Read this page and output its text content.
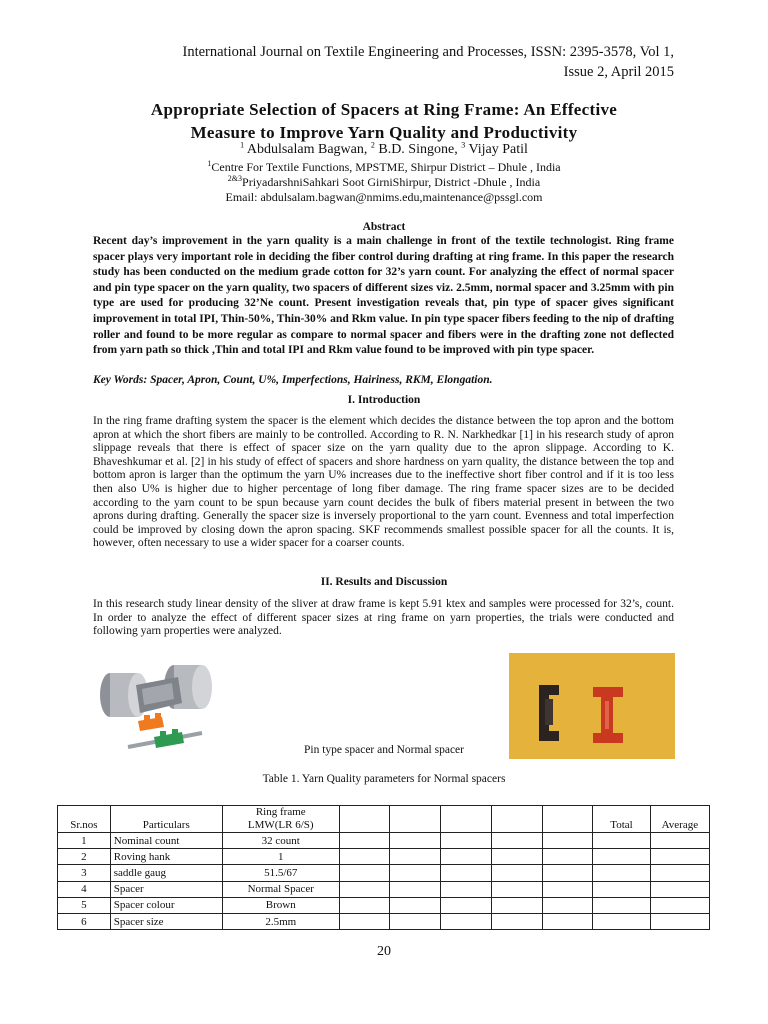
International Journal on Textile Engineering and Processes, ISSN: 2395-3578, Vol 1,
Issue 2, April 2015
Appropriate Selection of Spacers at Ring Frame: An Effective
Measure to Improve Yarn Quality and Productivity
$^1$ Abdulsalam Bagwan, $^2$ B.D. Singone, $^3$ Vijay Patil
$^1$Centre For Textile Functions, MPSTME, Shirpur District – Dhule , India
$^{2\&3}$PriyadarshniSahkari Soot GirniShirpur, District -Dhule , India
Email: abdulsalam.bagwan@nmims.edu,maintenance@pssgl.com
Abstract
Recent day’s improvement in the yarn quality is a main challenge in front of the textile technologist. Ring frame spacer plays very important role in deciding the fiber control during drafting at ring frame. In this paper the research study has been conducted on the medium grade cotton for 32’s yarn count. For analyzing the effect of normal spacer and pin type spacer on the yarn quality, two spacers of different sizes viz. 2.5mm, normal spacer and 3.25mm with pin type are used for producing 32’Ne count. Present investigation reveals that, pin type of spacer gives significant improvement in total IPI, Thin-50%, Thin-30% and Rkm value. In pin type spacer fibers feeding to the nip of drafting roller and found to be more regular as compare to normal spacer and fibers were in the drafting zone not deflected from yarn path so thick ,Thin and total IPI and Rkm value found to be improved with pin type spacer.
Key Words: Spacer, Apron, Count, U%, Imperfections, Hairiness, RKM, Elongation.
I. Introduction
In the ring frame drafting system the spacer is the element which decides the distance between the top apron and the bottom apron at which the short fibers are mainly to be controlled. According to R. N. Narkhedkar [1] in his research study of apron slippage reveals that there is effect of spacer size on the yarn quality due to the apron slippage. According to K. Bhaveshkumar et al. [2] in his study of effect of spacers and shore hardness on yarn quality, the distance between the top and bottom apron is larger than the optimum the yarn U% increases due to the ineffective short fiber control and if it is too less then also U% is higher due to higher percentage of long fiber damage. The ring frame spacer sizes are to be decided according to the yarn count to be spun because yarn count decides the bulk of fibers material present in between the two aprons during drafting. Generally the spacer size is inversely proportional to the yarn count. Evenness and total imperfection could be improved by closing down the apron spacing. SKF recommends smallest possible spacer for all the counts. It is, however, often necessary to use a wider spacer for a coarser counts.
II. Results and Discussion
In this research study linear density of the sliver at draw frame is kept 5.91 ktex and samples were processed for 32’s, count. In order to analyze the effect of different spacer sizes at ring frame on yarn properties, the trials were conducted and following yarn properties were analyzed.
Pin type spacer and Normal spacer
Table 1. Yarn Quality parameters for Normal spacers
Sr.nos	Particulars	Ring frame
LMW(LR 6/S)						Total	Average
1	Nominal count	32 count							
2	Roving hank	1							
3	saddle gaug	51.5/67							
4	Spacer	Normal Spacer							
5	Spacer colour	Brown							
6	Spacer size	2.5mm							
20
